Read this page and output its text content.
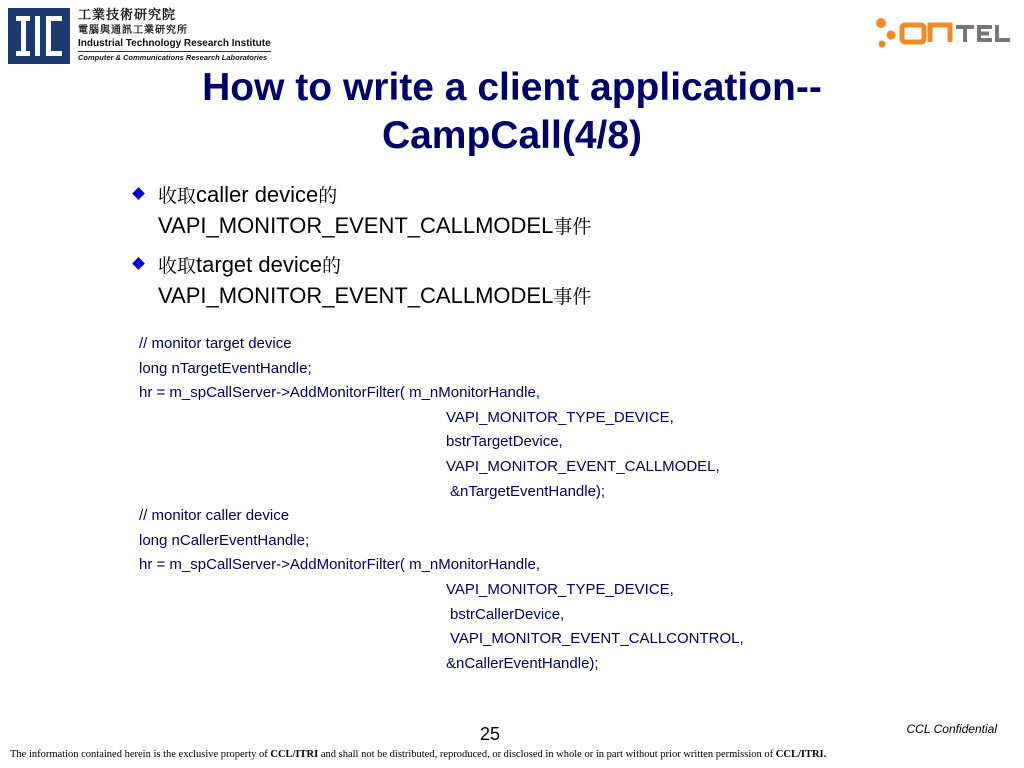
工業技術研究院
電腦與通訊工業研究所
Industrial Technology Research Institute
Computer & Communications Research Laboratories
How to write a client application--
CampCall(4/8)
收取caller device的
VAPI_MONITOR_EVENT_CALLMODEL事件
收取target device的
VAPI_MONITOR_EVENT_CALLMODEL事件
// monitor target device
long nTargetEventHandle;
hr = m_spCallServer->AddMonitorFilter( m_nMonitorHandle,
VAPI_MONITOR_TYPE_DEVICE,
bstrTargetDevice,
VAPI_MONITOR_EVENT_CALLMODEL,
&nTargetEventHandle);
// monitor caller device
long nCallerEventHandle;
hr = m_spCallServer->AddMonitorFilter( m_nMonitorHandle,
VAPI_MONITOR_TYPE_DEVICE,
bstrCallerDevice,
VAPI_MONITOR_EVENT_CALLCONTROL,
&nCallerEventHandle);
25	CCL Confidential
The information contained herein is the exclusive property of CCL/ITRI and shall not be distributed, reproduced, or disclosed in whole or in part without prior written permission of CCL/ITRI.
